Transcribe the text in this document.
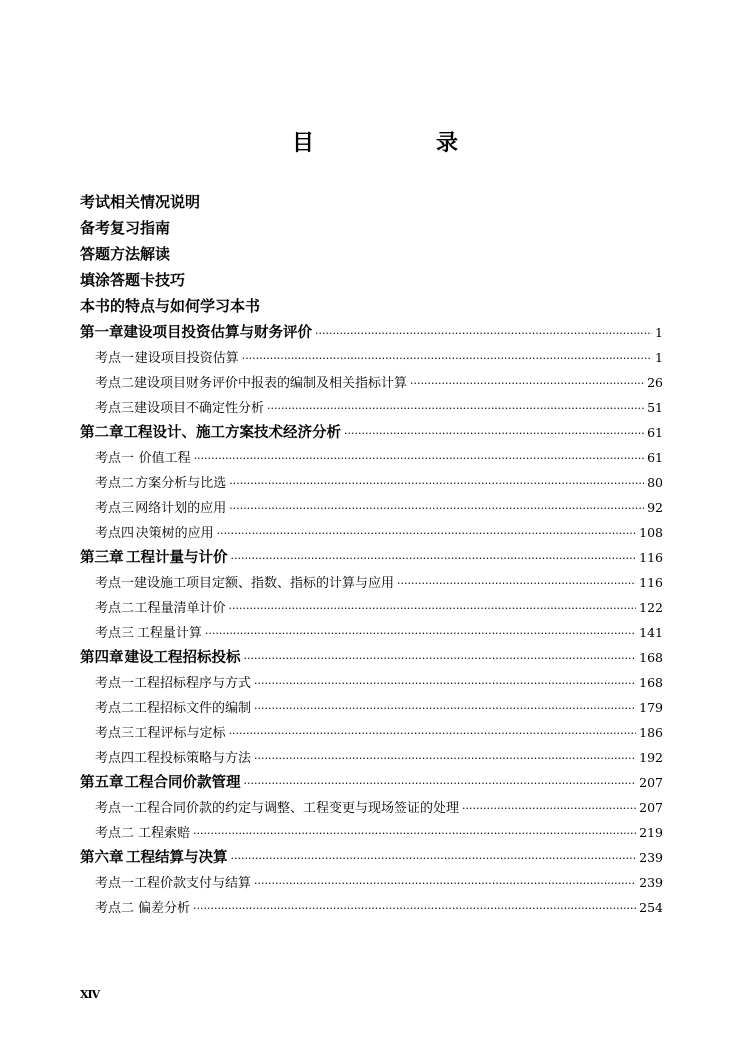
目　录
考试相关情况说明
备考复习指南
答题方法解读
填涂答题卡技巧
本书的特点与如何学习本书
第一章 建设项目投资估算与财务评价 ·····	1
考点一 建设项目投资估算 ·····	1
考点二 建设项目财务评价中报表的编制及相关指标计算 ·····	26
考点三 建设项目不确定性分析 ·····	51
第二章 工程设计、施工方案技术经济分析 ·····	61
考点一 价值工程 ·····	61
考点二 方案分析与比选 ·····	80
考点三 网络计划的应用 ·····	92
考点四 决策树的应用 ·····	108
第三章 工程计量与计价 ·····	116
考点一 建设施工项目定额、指数、指标的计算与应用 ·····	116
考点二 工程量清单计价 ·····	122
考点三 工程量计算 ·····	141
第四章 建设工程招标投标 ·····	168
考点一 工程招标程序与方式 ·····	168
考点二 工程招标文件的编制 ·····	179
考点三 工程评标与定标 ·····	186
考点四 工程投标策略与方法 ·····	192
第五章 工程合同价款管理 ·····	207
考点一 工程合同价款的约定与调整、工程变更与现场签证的处理 ·····	207
考点二 工程索赔 ·····	219
第六章 工程结算与决算 ·····	239
考点一 工程价款支付与结算 ·····	239
考点二 偏差分析 ·····	254
XIV
